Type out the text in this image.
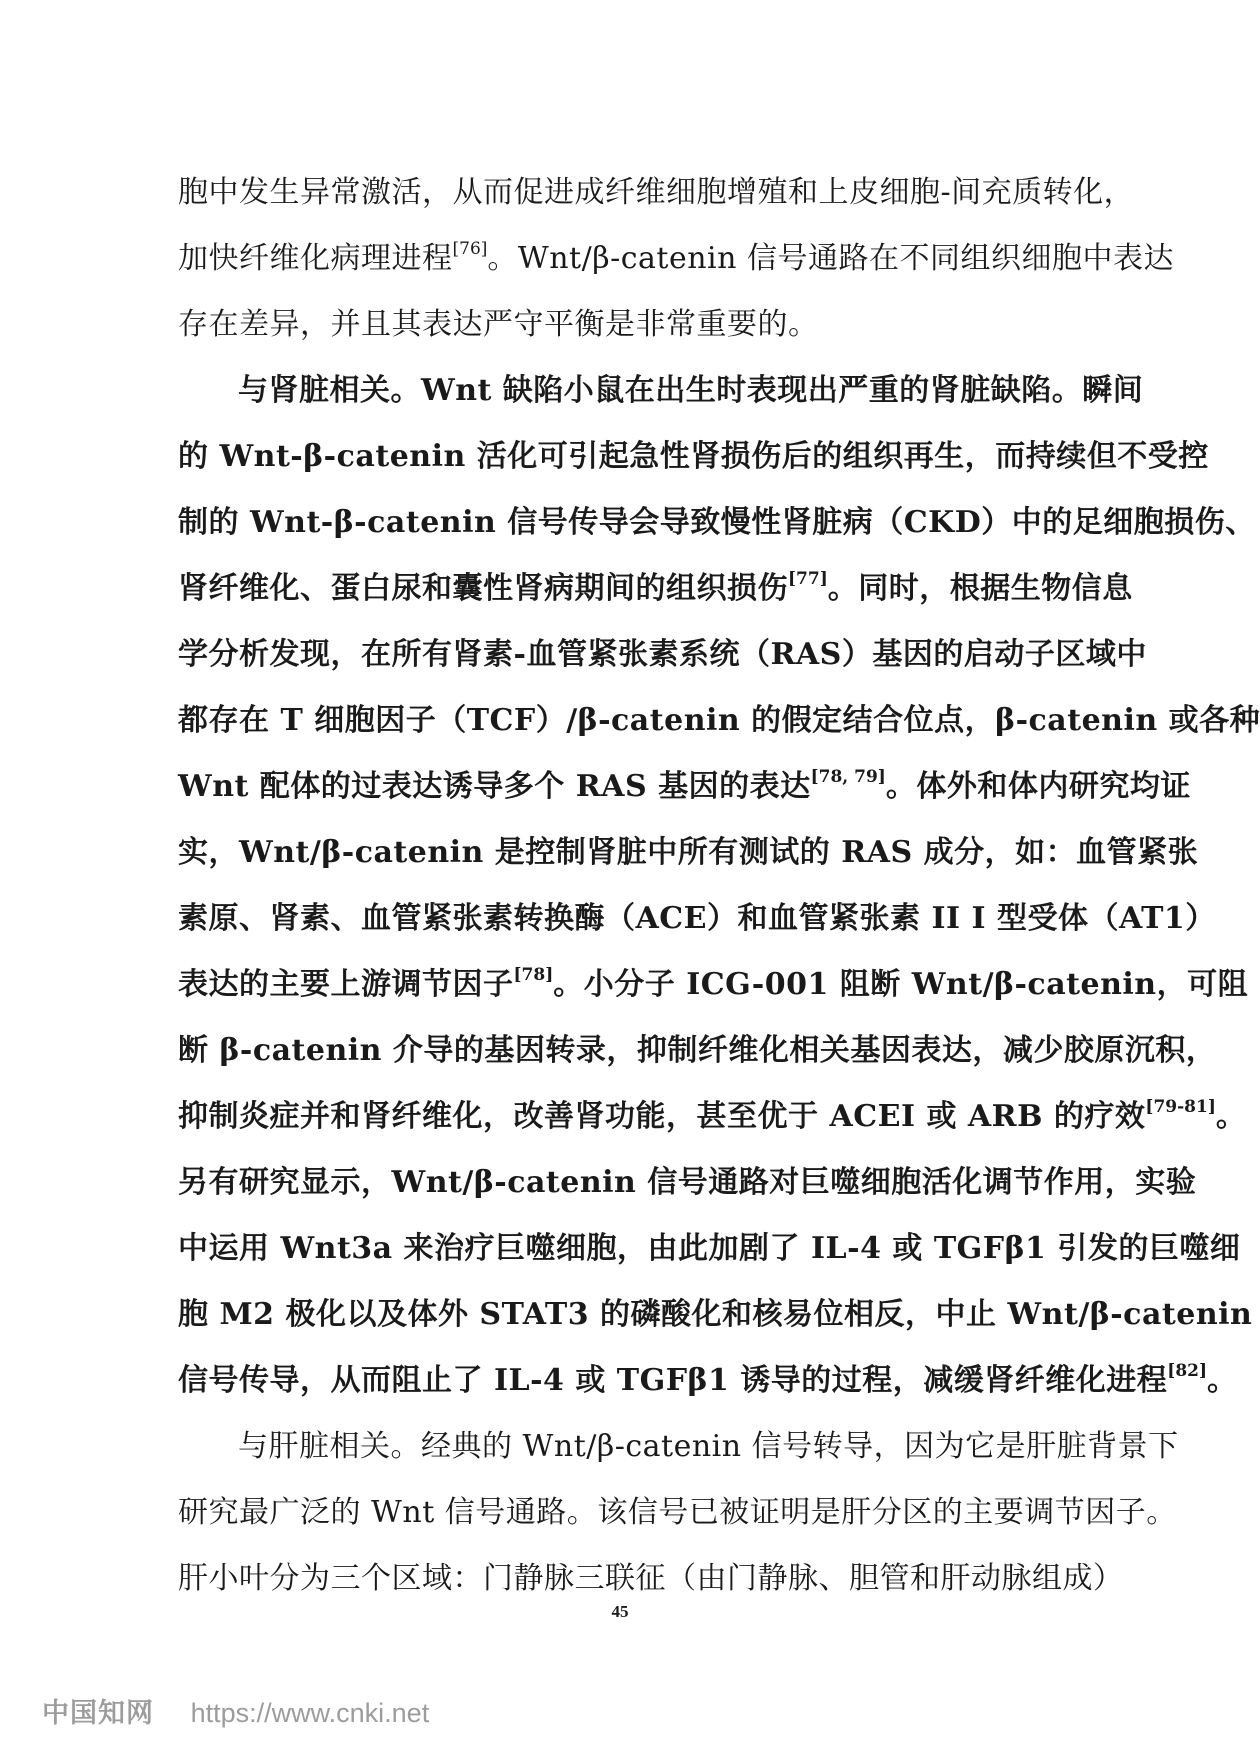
胞中发生异常激活，从而促进成纤维细胞增殖和上皮细胞-间充质转化，
加快纤维化病理进程[76]。Wnt/β-catenin 信号通路在不同组织细胞中表达
存在差异，并且其表达严守平衡是非常重要的。
与肾脏相关。Wnt 缺陷小鼠在出生时表现出严重的肾脏缺陷。瞬间
的 Wnt-β-catenin 活化可引起急性肾损伤后的组织再生，而持续但不受控
制的 Wnt-β-catenin 信号传导会导致慢性肾脏病（CKD）中的足细胞损伤、
肾纤维化、蛋白尿和囊性肾病期间的组织损伤[77]。同时，根据生物信息
学分析发现，在所有肾素-血管紧张素系统（RAS）基因的启动子区域中
都存在 T 细胞因子（TCF）/β-catenin 的假定结合位点，β-catenin 或各种
Wnt 配体的过表达诱导多个 RAS 基因的表达[78, 79]。体外和体内研究均证
实，Wnt/β-catenin 是控制肾脏中所有测试的 RAS 成分，如：血管紧张
素原、肾素、血管紧张素转换酶（ACE）和血管紧张素 II I 型受体（AT1）
表达的主要上游调节因子[78]。小分子 ICG-001 阻断 Wnt/β-catenin，可阻
断 β-catenin 介导的基因转录，抑制纤维化相关基因表达，减少胶原沉积，
抑制炎症并和肾纤维化，改善肾功能，甚至优于 ACEI 或 ARB 的疗效[79-81]。
另有研究显示，Wnt/β-catenin 信号通路对巨噬细胞活化调节作用，实验
中运用 Wnt3a 来治疗巨噬细胞，由此加剧了 IL-4 或 TGFβ1 引发的巨噬细
胞 M2 极化以及体外 STAT3 的磷酸化和核易位相反，中止 Wnt/β-catenin
信号传导，从而阻止了 IL-4 或 TGFβ1 诱导的过程，减缓肾纤维化进程[82]。
与肝脏相关。经典的 Wnt/β-catenin 信号转导，因为它是肝脏背景下
研究最广泛的 Wnt 信号通路。该信号已被证明是肝分区的主要调节因子。
肝小叶分为三个区域：门静脉三联征（由门静脉、胆管和肝动脉组成）
45
中国知网 https://www.cnki.net
